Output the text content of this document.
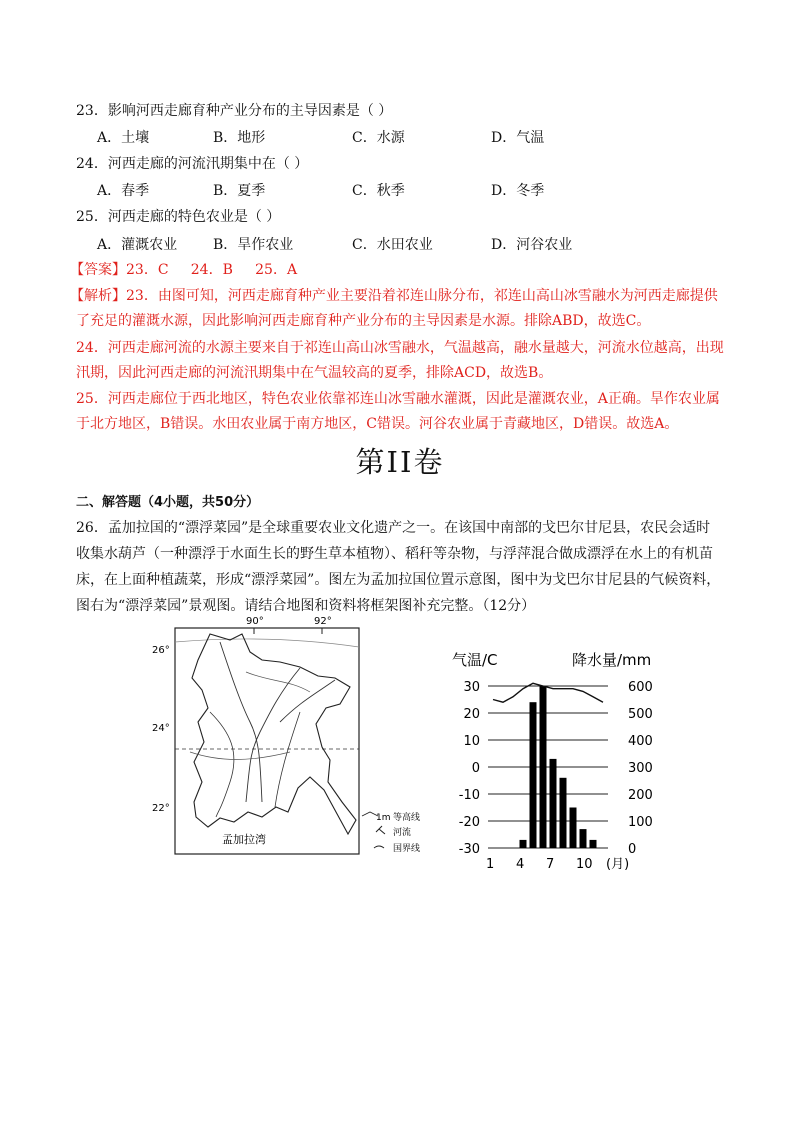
23．影响河西走廊育种产业分布的主导因素是（ ）
A．土壤	B．地形	C．水源	D．气温
24．河西走廊的河流汛期集中在（ ）
A．春季	B．夏季	C．秋季	D．冬季
25．河西走廊的特色农业是（ ）
A．灌溉农业	B．旱作农业	C．水田农业	D．河谷农业
【答案】23．C     24．B     25．A
【解析】23．由图可知，河西走廊育种产业主要沿着祁连山脉分布，祁连山高山冰雪融水为河西走廊提供
了充足的灌溉水源，因此影响河西走廊育种产业分布的主导因素是水源。排除ABD，故选C。
24．河西走廊河流的水源主要来自于祁连山高山冰雪融水，气温越高，融水量越大，河流水位越高，出现
汛期，因此河西走廊的河流汛期集中在气温较高的夏季，排除ACD，故选B。
25．河西走廊位于西北地区，特色农业依靠祁连山冰雪融水灌溉，因此是灌溉农业，A正确。旱作农业属
于北方地区，B错误。水田农业属于南方地区，C错误。河谷农业属于青藏地区，D错误。故选A。
第II卷
二、解答题（4小题，共50分）
26．孟加拉国的“漂浮菜园”是全球重要农业文化遗产之一。在该国中南部的戈巴尔甘尼县，农民会适时
收集水葫芦（一种漂浮于水面生长的野生草本植物）、稻秆等杂物，与浮萍混合做成漂浮在水上的有机苗
床，在上面种植蔬菜，形成“漂浮菜园”。图左为孟加拉国位置示意图，图中为戈巴尔甘尼县的气候资料，
图右为“漂浮菜园”景观图。请结合地图和资料将框架图补充完整。（12分）
90°	92°
26°
24°
22°
孟加拉湾
1m 等高线
河流
国界线
气温/C	降水量/mm
30
20
10
0
-10
-20
-30
600
500
400
300
200
100
0
1 4 7 10 (月)
